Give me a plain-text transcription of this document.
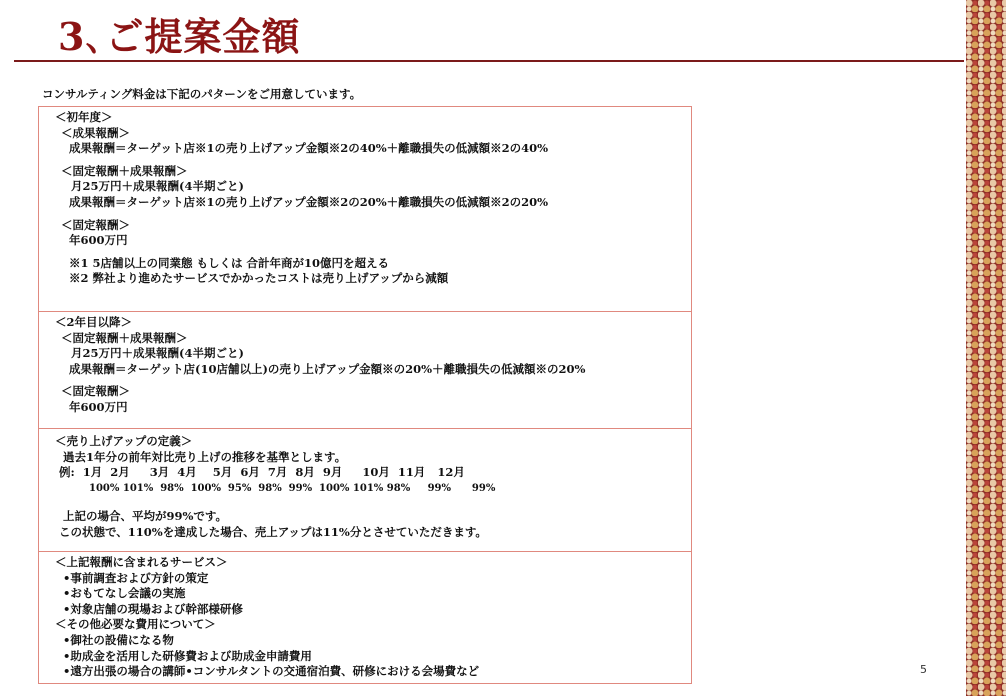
3､ご提案金額
コンサルティング料金は下記のパターンをご用意しています。
＜初年度＞
＜成果報酬＞
成果報酬＝ターゲット店※1の売り上げアップ金額※2の40%＋離職損失の低減額※2の40%
＜固定報酬＋成果報酬＞
月25万円＋成果報酬(4半期ごと)
成果報酬＝ターゲット店※1の売り上げアップ金額※2の20%＋離職損失の低減額※2の20%
＜固定報酬＞
年600万円
※1 5店舗以上の同業態 もしくは 合計年商が10億円を超える
※2 弊社より進めたサービスでかかったコストは売り上げアップから減額
＜2年目以降＞
＜固定報酬＋成果報酬＞
月25万円＋成果報酬(4半期ごと)
成果報酬＝ターゲット店(10店舗以上)の売り上げアップ金額※の20%＋離職損失の低減額※の20%
＜固定報酬＞
年600万円
＜売り上げアップの定義＞
過去1年分の前年対比売り上げの推移を基準とします。
例:  1月  2月     3月  4月    5月  6月  7月  8月  9月     10月  11月   12月
100% 101%  98%  100%  95%  98%  99%  100% 101% 98%     99%      99%
上記の場合、平均が99%です。
この状態で、110%を達成した場合、売上アップは11%分とさせていただきます。
＜上記報酬に含まれるサービス＞
•事前調査および方針の策定
•おもてなし会議の実施
•対象店舗の現場および幹部様研修
＜その他必要な費用について＞
•御社の設備になる物
•助成金を活用した研修費および助成金申請費用
•遠方出張の場合の講師•コンサルタントの交通宿泊費、研修における会場費など	5
